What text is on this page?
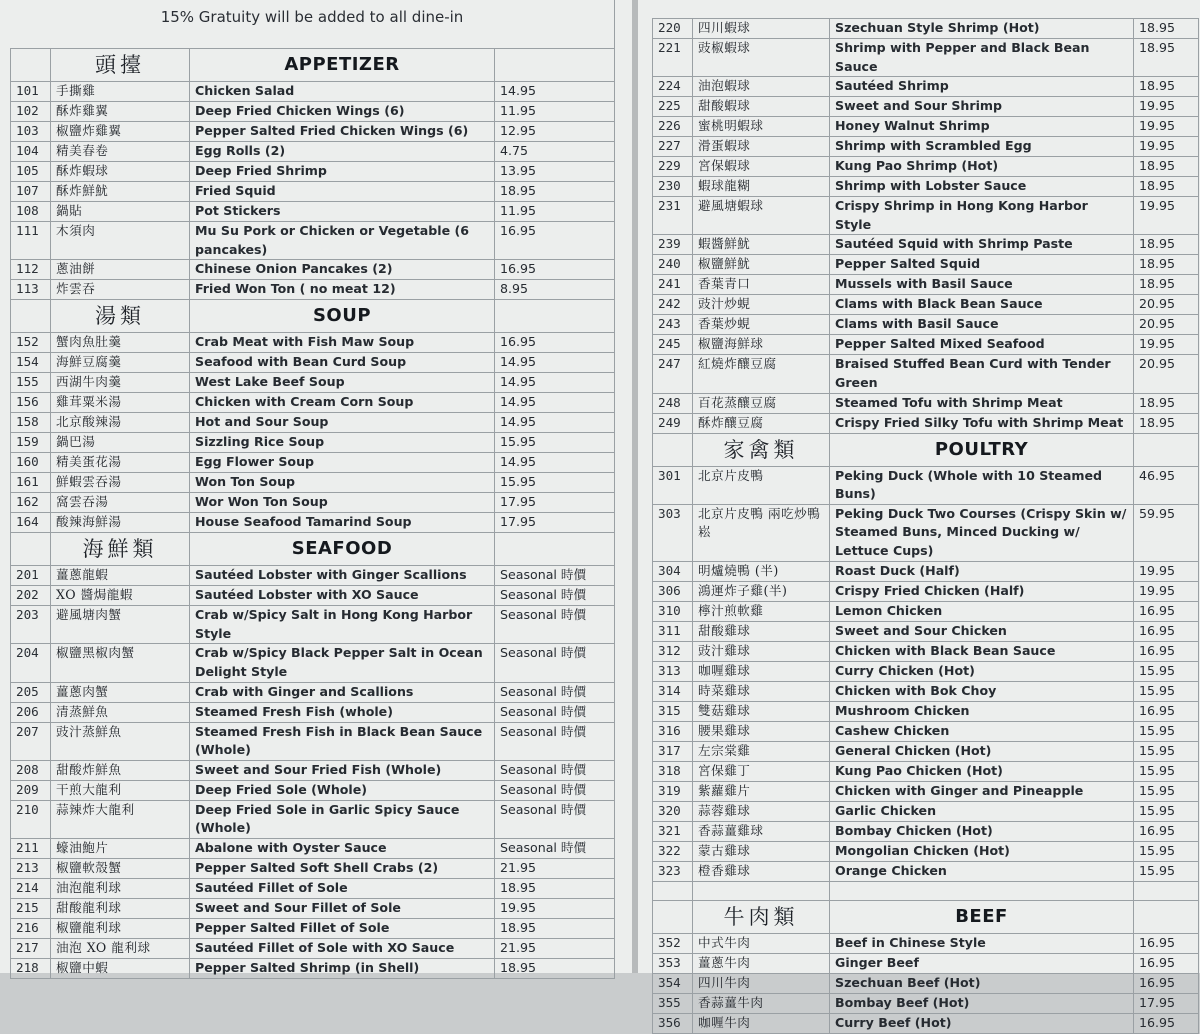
15% Gratuity will be added to all dine-in
	頭擡	APPETIZER	
101	手撕雞	Chicken Salad	14.95
102	酥炸雞翼	Deep Fried Chicken Wings (6)	11.95
103	椒鹽炸雞翼	Pepper Salted Fried Chicken Wings (6)	12.95
104	精美春卷	Egg Rolls (2)	4.75
105	酥炸蝦球	Deep Fried Shrimp	13.95
107	酥炸鮮魷	Fried Squid	18.95
108	鍋貼	Pot Stickers	11.95
111	木須肉	Mu Su Pork or Chicken or Vegetable (6 pancakes)	16.95
112	蔥油餅	Chinese Onion Pancakes (2)	16.95
113	炸雲吞	Fried Won Ton ( no meat 12)	8.95
	湯類	SOUP	
152	蟹肉魚肚羹	Crab Meat with Fish Maw Soup	16.95
154	海鮮豆腐羹	Seafood with Bean Curd Soup	14.95
155	西湖牛肉羹	West Lake Beef Soup	14.95
156	雞茸粟米湯	Chicken with Cream Corn Soup	14.95
158	北京酸辣湯	Hot and Sour Soup	14.95
159	鍋巴湯	Sizzling Rice Soup	15.95
160	精美蛋花湯	Egg Flower Soup	14.95
161	鮮蝦雲吞湯	Won Ton Soup	15.95
162	窩雲吞湯	Wor Won Ton Soup	17.95
164	酸辣海鮮湯	House Seafood Tamarind Soup	17.95
	海鮮類	SEAFOOD	
201	薑蔥龍蝦	Sautéed Lobster with Ginger Scallions	Seasonal 時價
202	XO 醬焗龍蝦	Sautéed Lobster with XO Sauce	Seasonal 時價
203	避風塘肉蟹	Crab w/Spicy Salt in Hong Kong Harbor Style	Seasonal 時價
204	椒鹽黑椒肉蟹	Crab w/Spicy Black Pepper Salt in Ocean Delight Style	Seasonal 時價
205	薑蔥肉蟹	Crab with Ginger and Scallions	Seasonal 時價
206	清蒸鮮魚	Steamed Fresh Fish (whole)	Seasonal 時價
207	豉汁蒸鮮魚	Steamed Fresh Fish in Black Bean Sauce (Whole)	Seasonal 時價
208	甜酸炸鮮魚	Sweet and Sour Fried Fish (Whole)	Seasonal 時價
209	干煎大龍利	Deep Fried Sole (Whole)	Seasonal 時價
210	蒜辣炸大龍利	Deep Fried Sole in Garlic Spicy Sauce (Whole)	Seasonal 時價
211	蠔油鮑片	Abalone with Oyster Sauce	Seasonal 時價
213	椒鹽軟殼蟹	Pepper Salted Soft Shell Crabs (2)	21.95
214	油泡龍利球	Sautéed Fillet of Sole	18.95
215	甜酸龍利球	Sweet and Sour Fillet of Sole	19.95
216	椒鹽龍利球	Pepper Salted Fillet of Sole	18.95
217	油泡 XO 龍利球	Sautéed Fillet of Sole with XO Sauce	21.95
218	椒鹽中蝦	Pepper Salted Shrimp (in Shell)	18.95
220	四川蝦球	Szechuan Style Shrimp (Hot)	18.95
221	豉椒蝦球	Shrimp with Pepper and Black Bean Sauce	18.95
224	油泡蝦球	Sautéed Shrimp	18.95
225	甜酸蝦球	Sweet and Sour Shrimp	19.95
226	蜜桃明蝦球	Honey Walnut Shrimp	19.95
227	滑蛋蝦球	Shrimp with Scrambled Egg	19.95
229	宮保蝦球	Kung Pao Shrimp (Hot)	18.95
230	蝦球龍糊	Shrimp with Lobster Sauce	18.95
231	避風塘蝦球	Crispy Shrimp in Hong Kong Harbor Style	19.95
239	蝦醬鮮魷	Sautéed Squid with Shrimp Paste	18.95
240	椒鹽鮮魷	Pepper Salted Squid	18.95
241	香葉青口	Mussels with Basil Sauce	18.95
242	豉汁炒蜆	Clams with Black Bean Sauce	20.95
243	香葉炒蜆	Clams with Basil Sauce	20.95
245	椒鹽海鮮球	Pepper Salted Mixed Seafood	19.95
247	紅燒炸釀豆腐	Braised Stuffed Bean Curd with Tender Green	20.95
248	百花蒸釀豆腐	Steamed Tofu with Shrimp Meat	18.95
249	酥炸釀豆腐	Crispy Fried Silky Tofu with Shrimp Meat	18.95
	家禽類	POULTRY	
301	北京片皮鴨	Peking Duck (Whole with 10 Steamed Buns)	46.95
303	北京片皮鴨 兩吃炒鴨崧	Peking Duck Two Courses (Crispy Skin w/ Steamed Buns, Minced Ducking w/ Lettuce Cups)	59.95
304	明爐燒鴨 (半)	Roast Duck (Half)	19.95
306	鴻運炸子雞(半)	Crispy Fried Chicken (Half)	19.95
310	檸汁煎軟雞	Lemon Chicken	16.95
311	甜酸雞球	Sweet and Sour Chicken	16.95
312	豉汁雞球	Chicken with Black Bean Sauce	16.95
313	咖喱雞球	Curry Chicken (Hot)	15.95
314	時菜雞球	Chicken with Bok Choy	15.95
315	雙菇雞球	Mushroom Chicken	16.95
316	腰果雞球	Cashew Chicken	15.95
317	左宗棠雞	General Chicken (Hot)	15.95
318	宮保雞丁	Kung Pao Chicken (Hot)	15.95
319	紫蘿雞片	Chicken with Ginger and Pineapple	15.95
320	蒜蓉雞球	Garlic Chicken	15.95
321	香蒜薑雞球	Bombay Chicken (Hot)	16.95
322	蒙古雞球	Mongolian Chicken (Hot)	15.95
323	橙香雞球	Orange Chicken	15.95

	牛肉類	BEEF	
352	中式牛肉	Beef in Chinese Style	16.95
353	薑蔥牛肉	Ginger Beef	16.95
354	四川牛肉	Szechuan Beef (Hot)	16.95
355	香蒜薑牛肉	Bombay Beef (Hot)	17.95
356	咖喱牛肉	Curry Beef (Hot)	16.95
